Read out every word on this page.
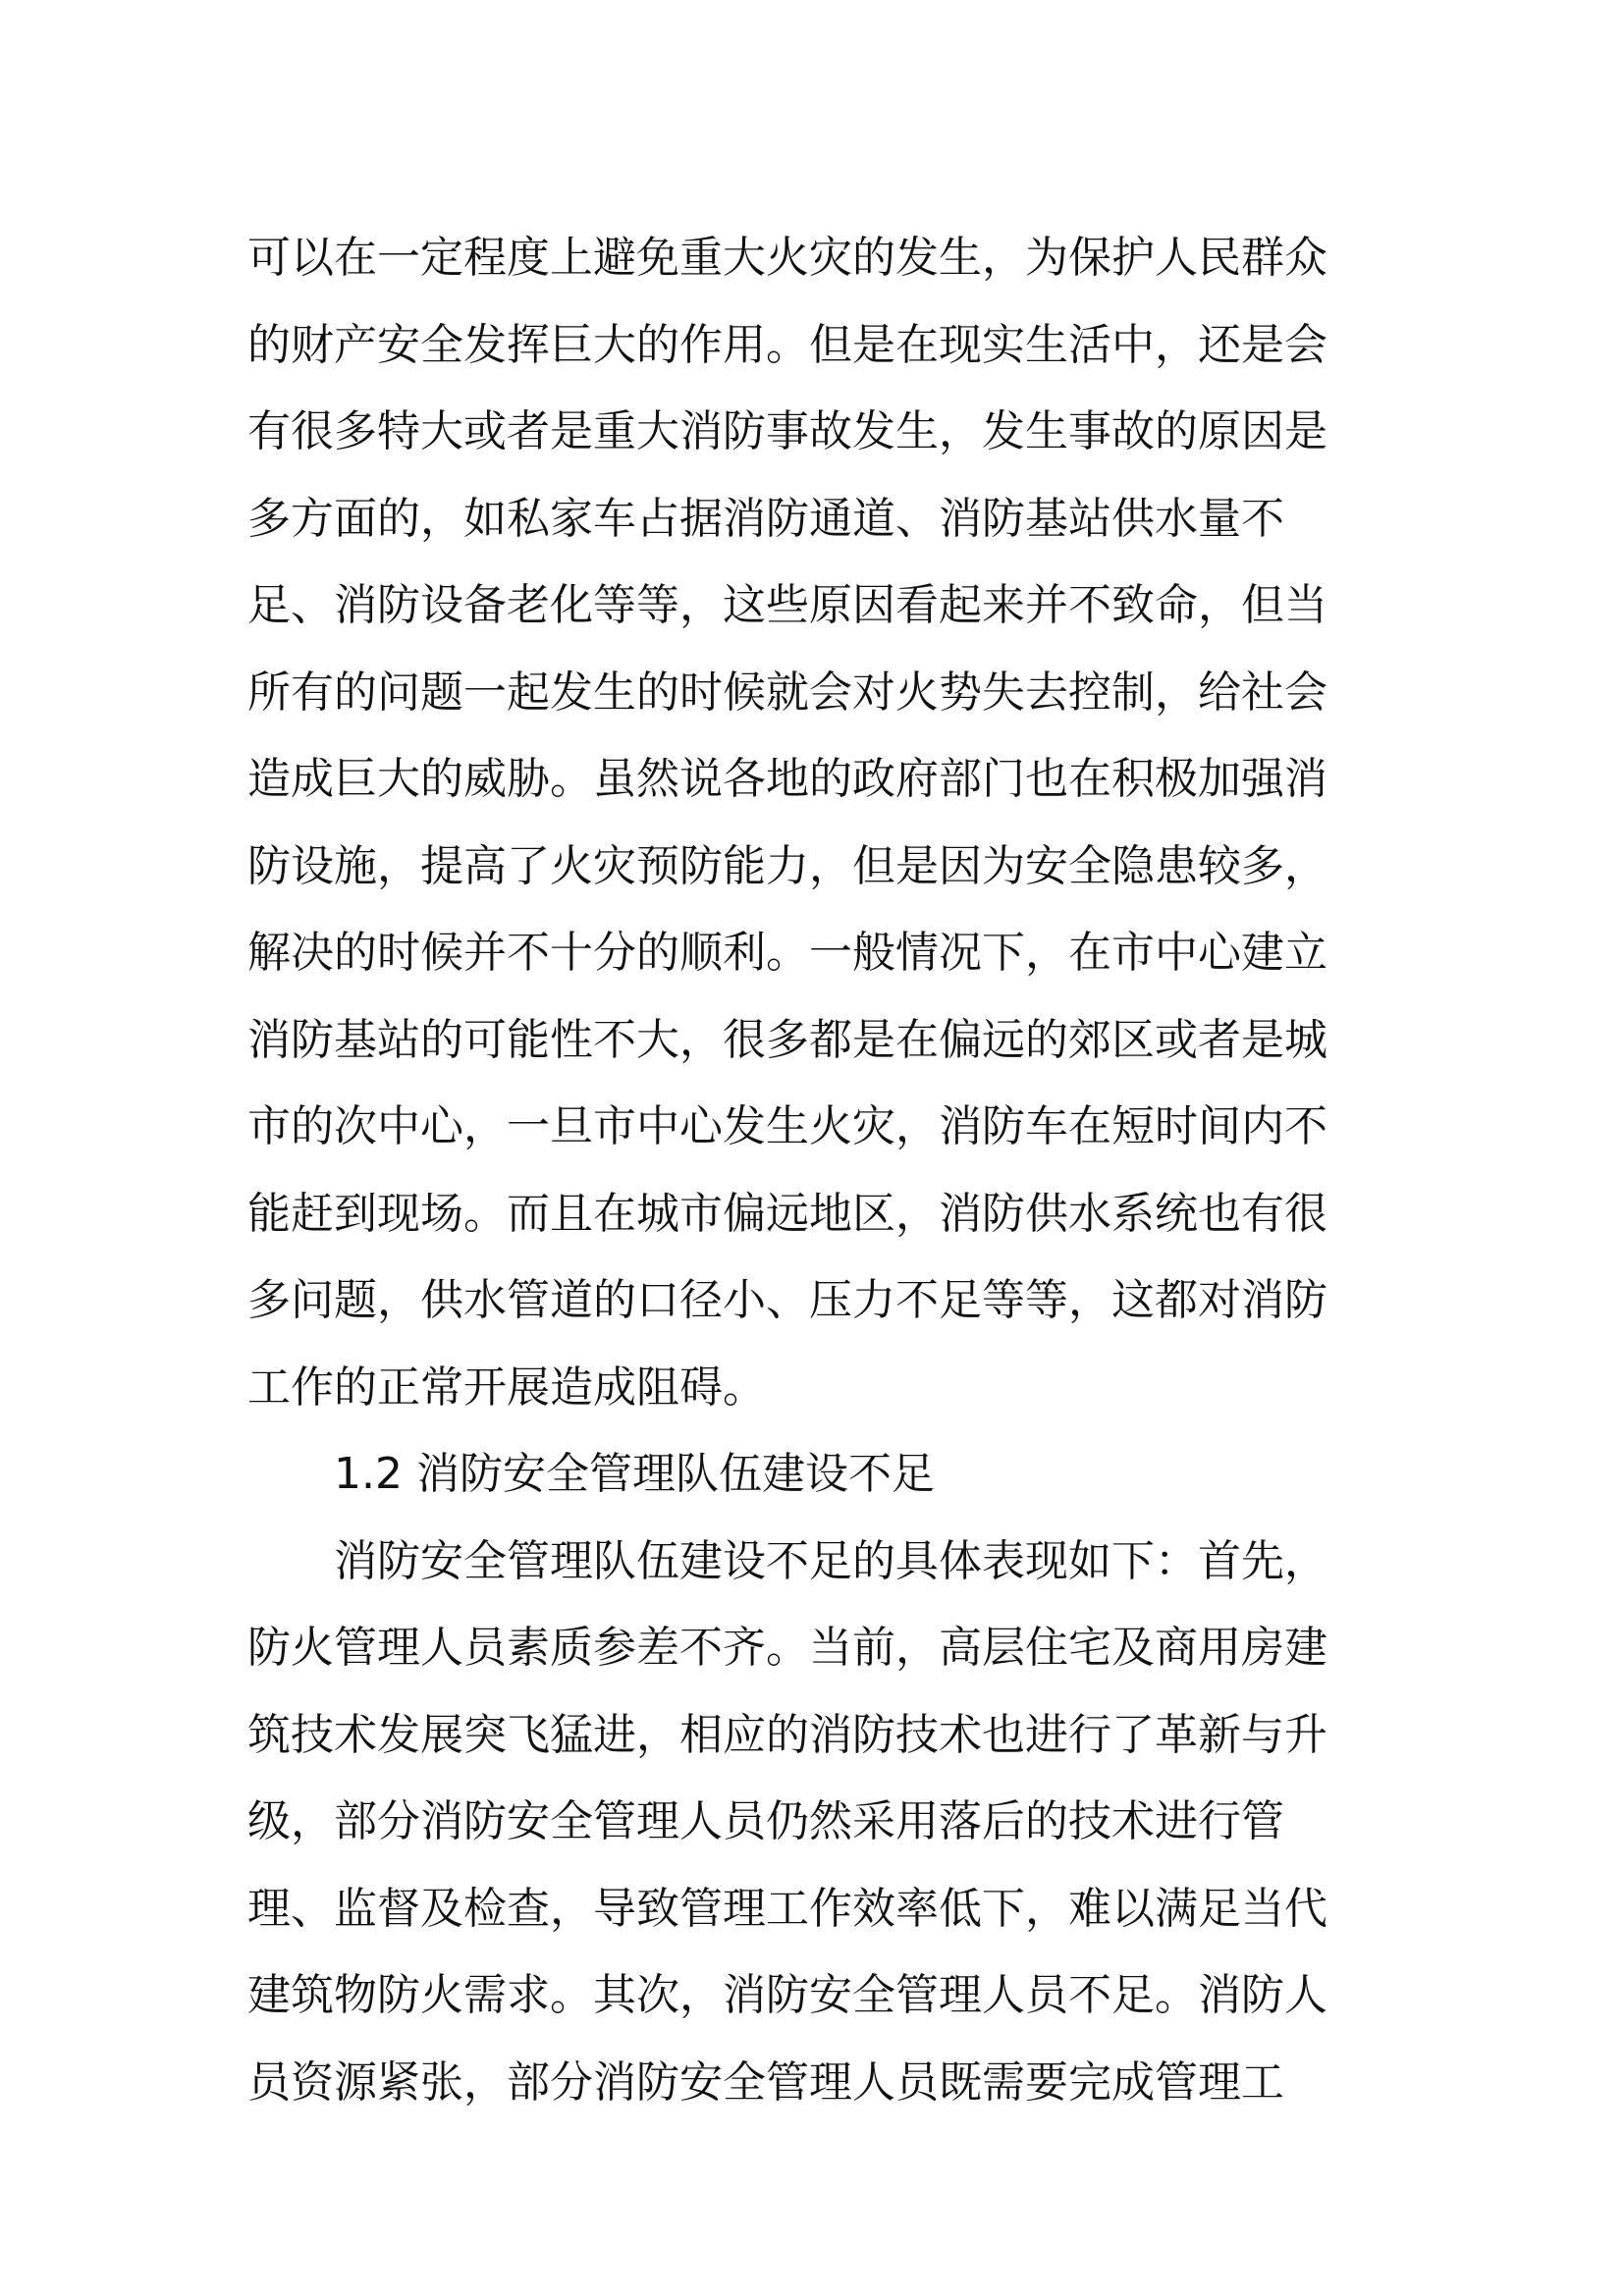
可以在一定程度上避免重大火灾的发生，为保护人民群众
的财产安全发挥巨大的作用。但是在现实生活中，还是会
有很多特大或者是重大消防事故发生，发生事故的原因是
多方面的，如私家车占据消防通道、消防基站供水量不
足、消防设备老化等等，这些原因看起来并不致命，但当
所有的问题一起发生的时候就会对火势失去控制，给社会
造成巨大的威胁。虽然说各地的政府部门也在积极加强消
防设施，提高了火灾预防能力，但是因为安全隐患较多，
解决的时候并不十分的顺利。一般情况下，在市中心建立
消防基站的可能性不大，很多都是在偏远的郊区或者是城
市的次中心，一旦市中心发生火灾，消防车在短时间内不
能赶到现场。而且在城市偏远地区，消防供水系统也有很
多问题，供水管道的口径小、压力不足等等，这都对消防
工作的正常开展造成阻碍。
1.2 消防安全管理队伍建设不足
消防安全管理队伍建设不足的具体表现如下：首先，
防火管理人员素质参差不齐。当前，高层住宅及商用房建
筑技术发展突飞猛进，相应的消防技术也进行了革新与升
级，部分消防安全管理人员仍然采用落后的技术进行管
理、监督及检查，导致管理工作效率低下，难以满足当代
建筑物防火需求。其次，消防安全管理人员不足。消防人
员资源紧张，部分消防安全管理人员既需要完成管理工
